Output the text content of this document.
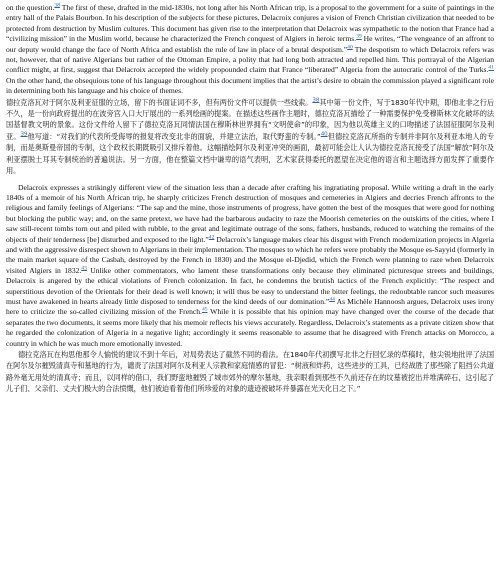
on the question.$^{38}$ The first of these, drafted in the mid-1830s, not long after his North African trip, is a proposal to the government for a suite of paintings in the entry hall of the Palais Bourbon. In his description of the subjects for these pictures, Delacroix conjures a vision of French Christian civilization that needed to be protected from destruction by Muslim cultures. This document has given rise to the interpretation that Delacroix was sympathetic to the notion that France had a “civilizing mission” in the Muslim world, because he characterized the French conquest of Algiers in heroic terms.$^{39}$ He writes, “The vengeance of an affront to our deputy would change the face of North Africa and establish the rule of law in place of a brutal despotism.”$^{40}$ The despotism to which Delacroix refers was not, however, that of native Algerians but rather of the Ottoman Empire, a polity that had long both attracted and repelled him. This portrayal of the Algerian conflict might, at first, suggest that Delacroix accepted the widely propounded claim that France “liberated” Algeria from the autocratic control of the Turks.$^{41}$ On the other hand, the obsequious tone of his language throughout this document implies that the artist’s desire to obtain the commission played a significant role in determining both his language and his choice of themes.

德拉克洛瓦对于阿尔及利亚征服的立场，留下的书面证词不多，但有两份文件可以提供一些线索。$^{38}$其中第一份文件，写于1830年代中期，即他北非之行后不久，是一份向政府提出的在波旁宫入口大厅展出的一系列绘画的提案。在描述这些画作主题时，德拉克洛瓦描绘了一种需要保护免受穆斯林文化破坏的法国基督教文明的景象。这份文件给人留下了德拉克洛瓦同情法国在穆斯林世界拥有“文明使命”的印象，因为他以英雄主义的口吻描述了法国征服阿尔及利亚。$^{39}$他写道：“对我们的代表所受侮辱的报复将改变北非的面貌，并建立法治，取代野蛮的专制。”$^{40}$但德拉克洛瓦所指的专制并非阿尔及利亚本地人的专制，而是奥斯曼帝国的专制，这个政权长期既吸引又排斥着他。这幅描绘阿尔及利亚冲突的画面，最初可能会让人认为德拉克洛瓦接受了法国“解放”阿尔及利亚摆脱土耳其专制统治的普遍说法。另一方面，他在整篇文档中谦卑的语气表明，艺术家获得委托的愿望在决定他的语言和主题选择方面发挥了重要作用。

Delacroix expresses a strikingly different view of the situation less than a decade after crafting his ingratiating proposal. While writing a draft in the early 1840s of a memoir of his North African trip, he sharply criticizes French destruction of mosques and cemeteries in Algiers and decries French affronts to the religious and family feelings of Algerians: “The sap and the mine, those instruments of progress, have gotten the best of the mosques that were good for nothing but blocking the public way; and, on the same pretext, we have had the barbarous audacity to raze the Moorish cemeteries on the outskirts of the cities, where I saw still-recent tombs torn out and piled with rubble, to the great and legitimate outrage of the sons, fathers, husbands, reduced to watching the remains of the objects of their tenderness [be] disturbed and exposed to the light.”$^{42}$ Delacroix’s language makes clear his disgust with French modernization projects in Algeria and with the aggressive disrespect shown to Algerians in their implementation. The mosques to which he refers were probably the Mosque es-Sayyid (formerly in the main market square of the Casbah, destroyed by the French in 1830) and the Mosque el-Djedid, which the French were planning to raze when Delacroix visited Algiers in 1832.43 Unlike other commentators, who lament these transformations only because they eliminated picturesque streets and buildings, Delacroix is angered by the ethical violations of French colonization. In fact, he condemns the brutish tactics of the French explicitly: “The respect and superstitious devotion of the Orientals for their dead is well known; it will thus be easy to understand the bitter feelings, the redoubtable rancor such measures must have awakened in hearts already little disposed to tenderness for the kind deeds of our domination.”$^{44}$ As Michèle Hannoosh argues, Delacroix uses irony here to criticize the so-called civilizing mission of the French.$^{45}$ While it is possible that his opinion may have changed over the course of the decade that separates the two documents, it seems more likely that his memoir reflects his views accurately. Regardless, Delacroix’s statements as a private citizen show that he regarded the colonization of Algeria in a negative light; accordingly it seems reasonable to assume that he disagreed with French attacks on Morocco, a country in which he was much more emotionally invested.

德拉克洛瓦在构思他那令人愉悦的建议不到十年后，对局势表达了截然不同的看法。在1840年代初撰写北非之行回忆录的草稿时，他尖锐地批评了法国在阿尔及尔摧毁清真寺和墓地的行为，谴责了法国对阿尔及利亚人宗教和家庭情感的冒犯：“树液和炸药，这些进步的工具，已经战胜了那些除了阻挡公共道路外毫无用处的清真寺；而且，以同样的借口，我们野蛮地摧毁了城市郊外的摩尔墓地，我亲眼看到那些不久前还存在的坟墓被挖出并堆满碎石，这引起了儿子们、父亲们、丈夫们极大的合法愤慨，他们被迫看着他们所珍爱的对象的遗迹被破坏并暴露在光天化日之下。”
